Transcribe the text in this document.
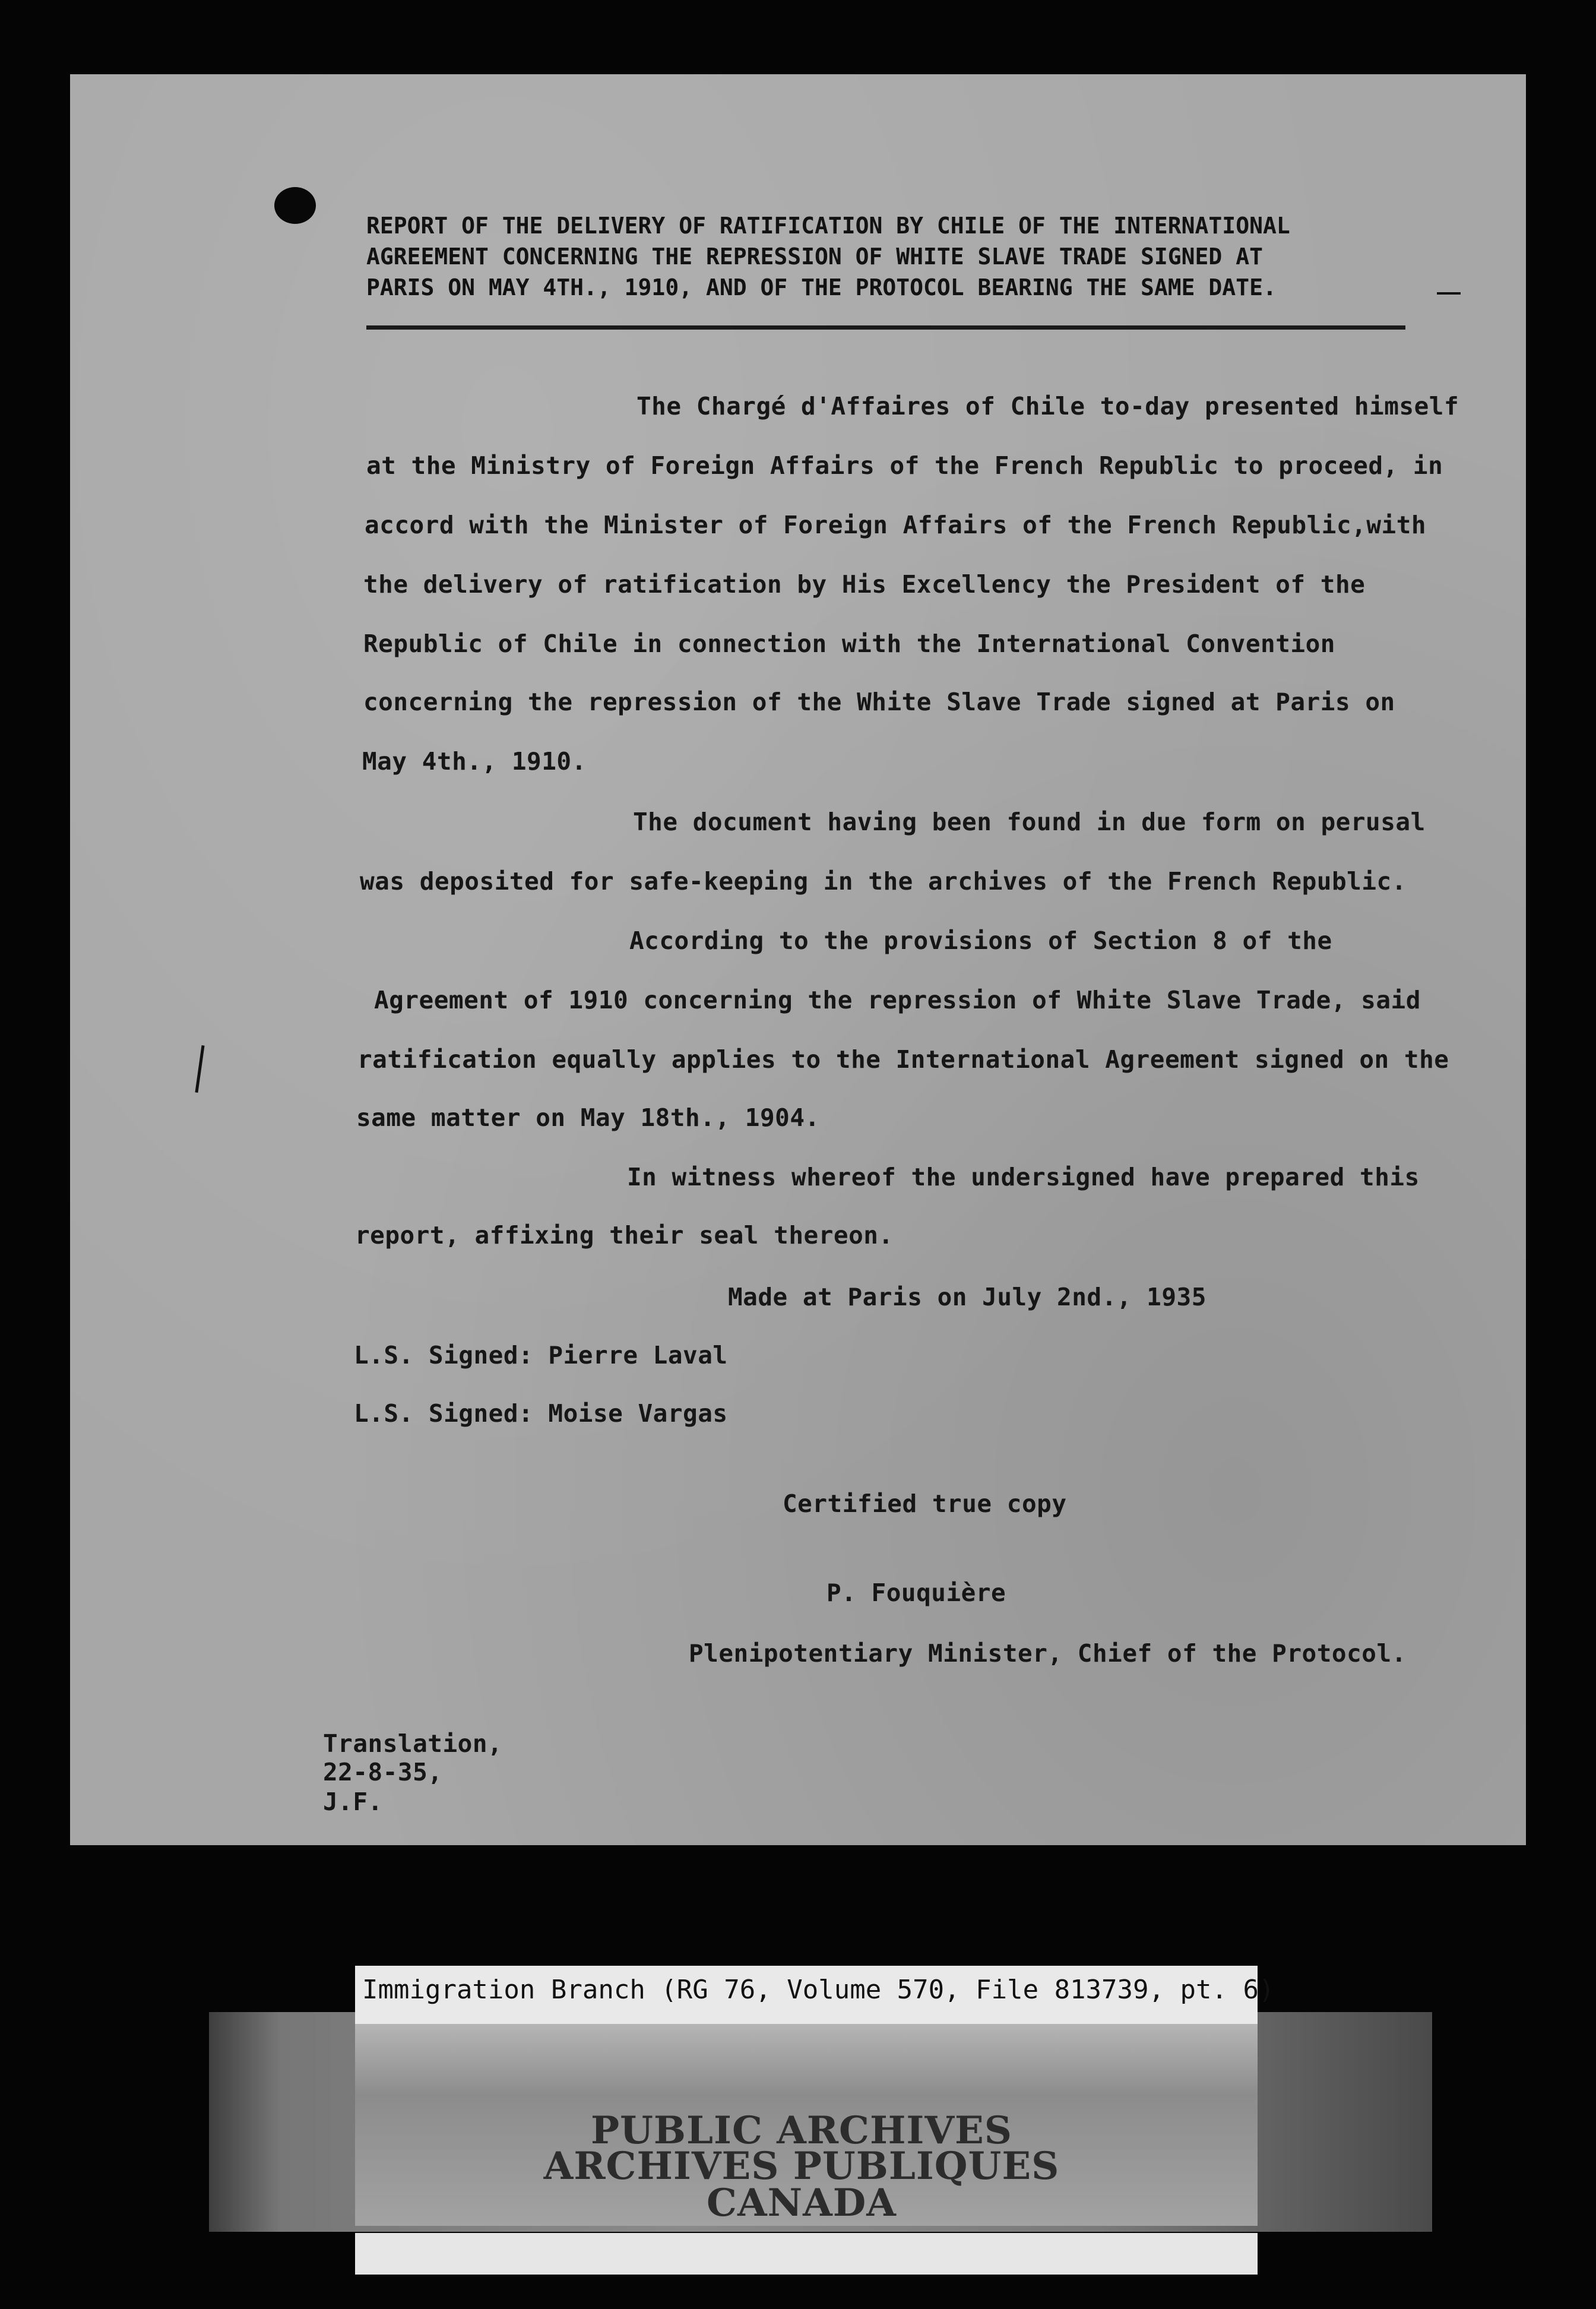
REPORT OF THE DELIVERY OF RATIFICATION BY CHILE OF THE INTERNATIONAL
AGREEMENT CONCERNING THE REPRESSION OF WHITE SLAVE TRADE SIGNED AT
PARIS ON MAY 4TH., 1910, AND OF THE PROTOCOL BEARING THE SAME DATE.
The Chargé d'Affaires of Chile to-day presented himself
at the Ministry of Foreign Affairs of the French Republic to proceed, in
accord with the Minister of Foreign Affairs of the French Republic,with
the delivery of ratification by His Excellency the President of the
Republic of Chile in connection with the International Convention
concerning the repression of the White Slave Trade signed at Paris on
May 4th., 1910.
The document having been found in due form on perusal
was deposited for safe-keeping in the archives of the French Republic.
According to the provisions of Section 8 of the
Agreement of 1910 concerning the repression of White Slave Trade, said
ratification equally applies to the International Agreement signed on the
same matter on May 18th., 1904.
In witness whereof the undersigned have prepared this
report, affixing their seal thereon.
Made at Paris on July 2nd., 1935
L.S. Signed: Pierre Laval
L.S. Signed: Moise Vargas
Certified true copy
P. Fouquière
Plenipotentiary Minister, Chief of the Protocol.
Translation,
22-8-35,
J.F.
Immigration Branch (RG 76, Volume 570, File 813739, pt. 6)
PUBLIC ARCHIVES
ARCHIVES PUBLIQUES
CANADA
